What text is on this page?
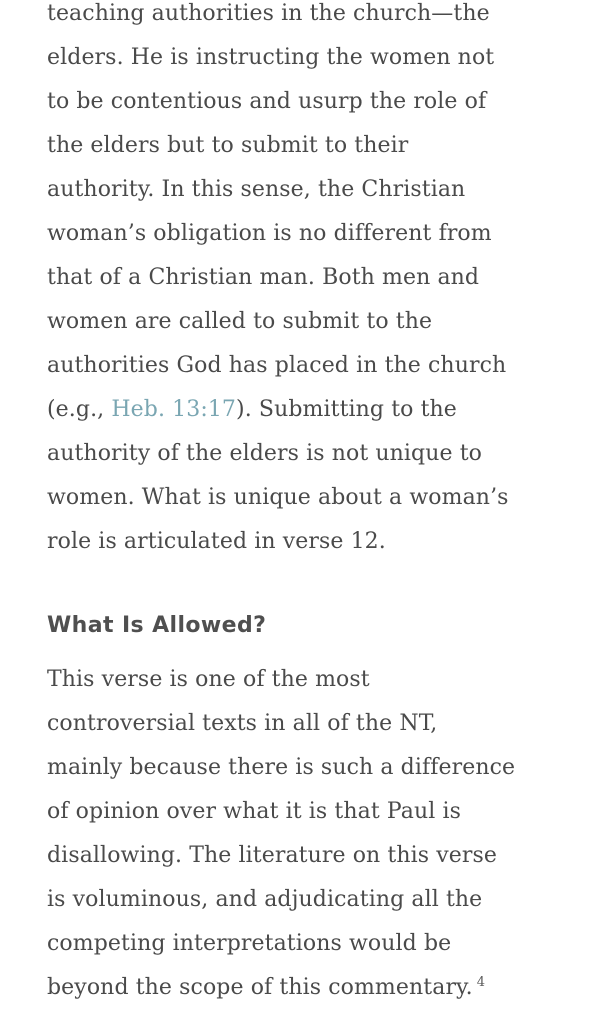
teaching authorities in the church—the
elders. He is instructing the women not
to be contentious and usurp the role of
the elders but to submit to their
authority. In this sense, the Christian
woman’s obligation is no different from
that of a Christian man. Both men and
women are called to submit to the
authorities God has placed in the church
(e.g., Heb. 13:17). Submitting to the
authority of the elders is not unique to
women. What is unique about a woman’s
role is articulated in verse 12.

What Is Allowed?

This verse is one of the most
controversial texts in all of the NT,
mainly because there is such a difference
of opinion over what it is that Paul is
disallowing. The literature on this verse
is voluminous, and adjudicating all the
competing interpretations would be
beyond the scope of this commentary. $^4$
